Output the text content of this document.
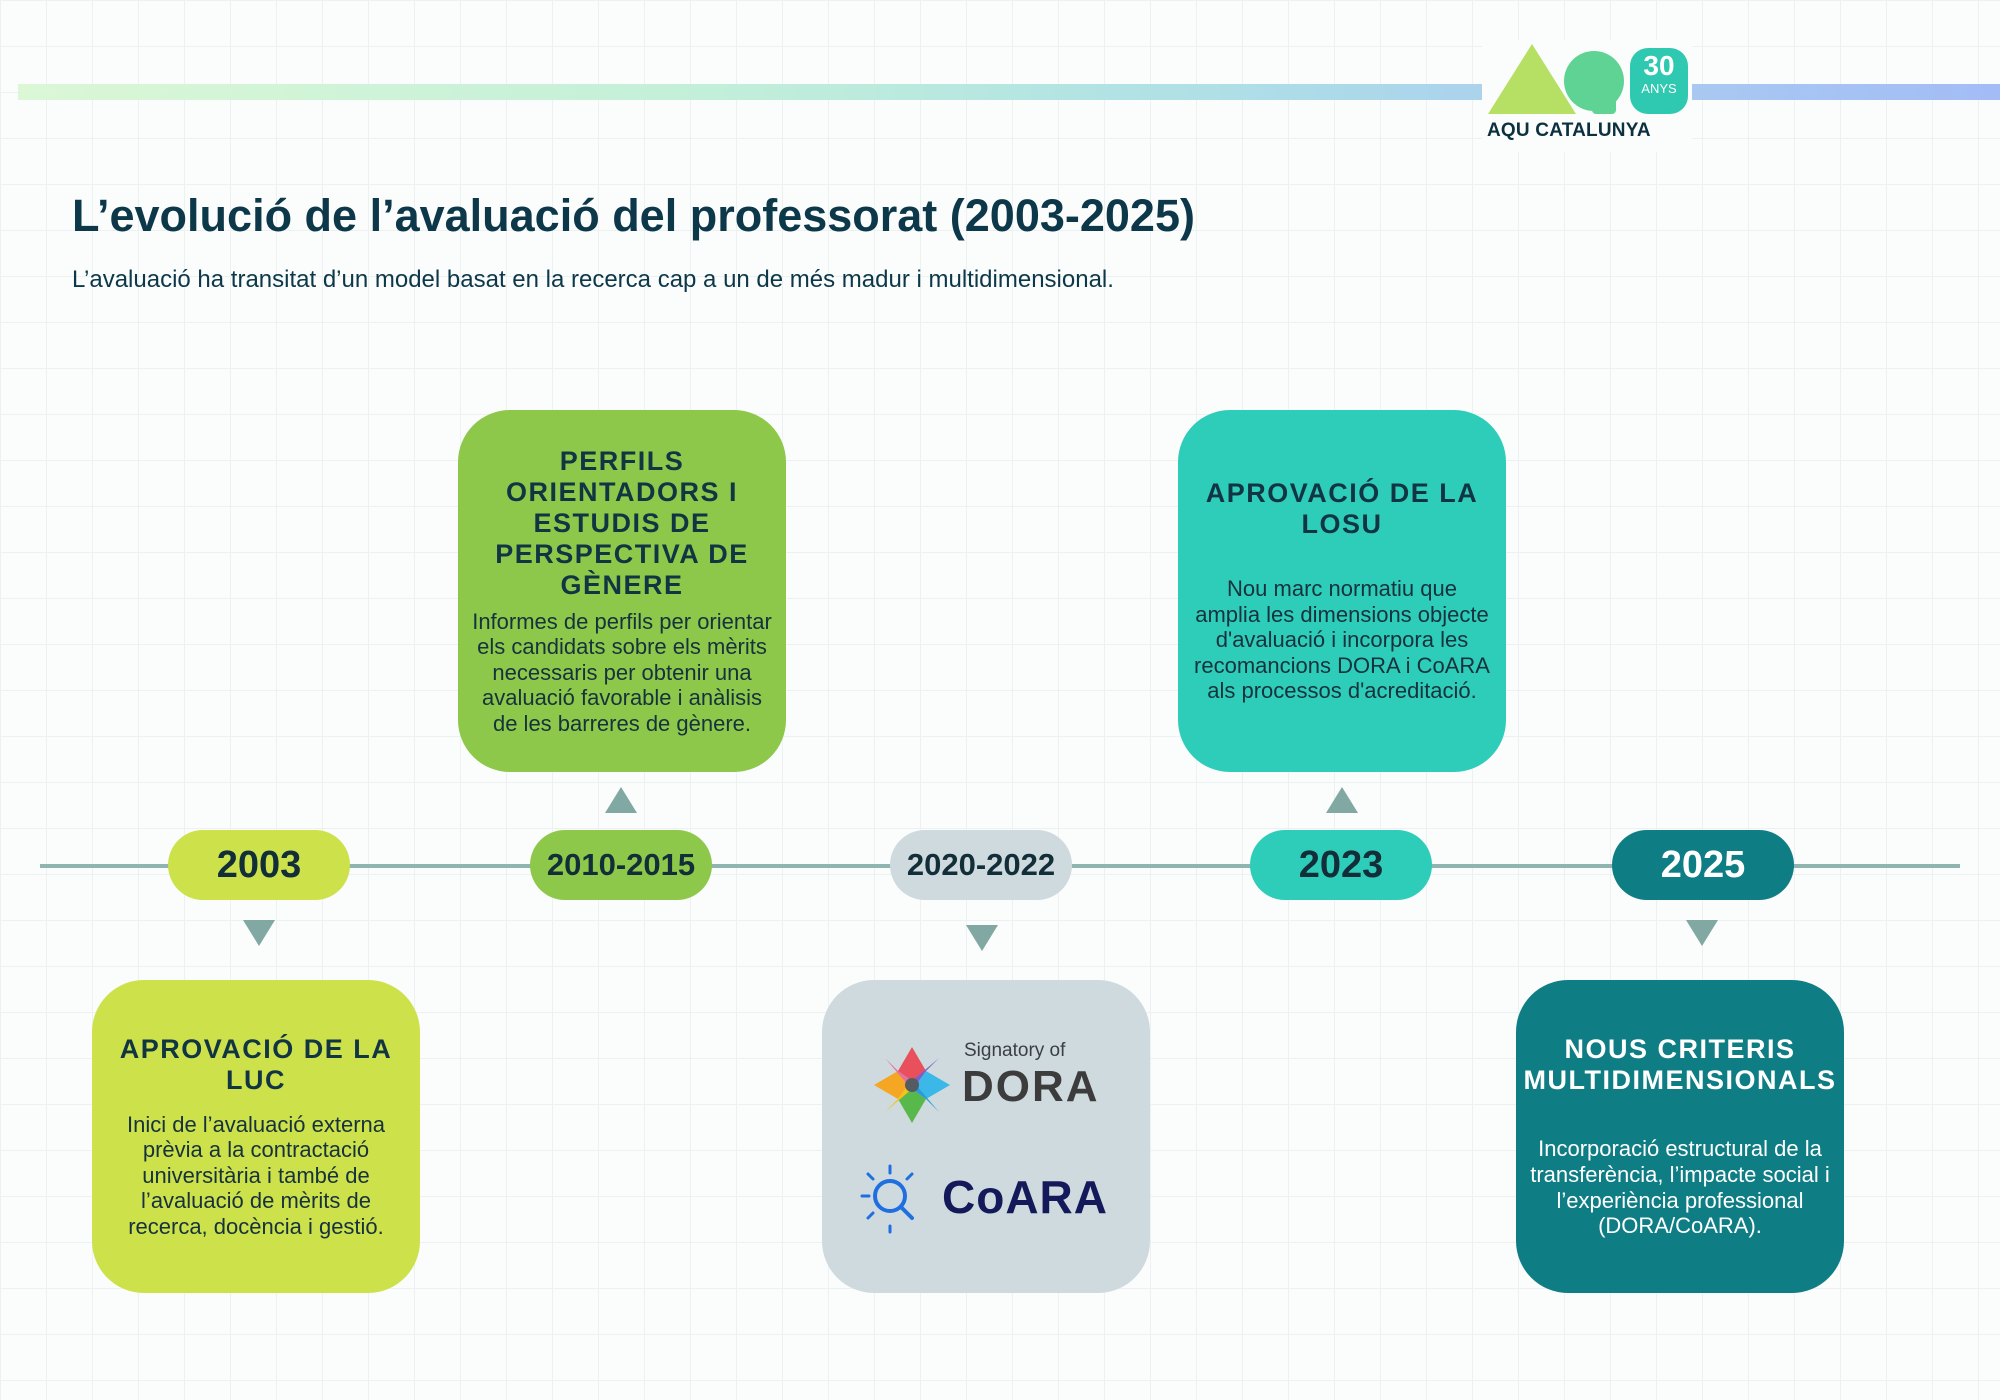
30
ANYS
AQU CATALUNYA
L’evolució de l’avaluació del professorat (2003-2025)

L’avaluació ha transitat d’un model basat en la recerca cap a un de més madur i multidimensional.

2003	2010-2015	2020-2022	2023	2025
APROVACIÓ DE LA LUC

Inici de l’avaluació externa prèvia a la contractació universitària i també de l’avaluació de mèrits de recerca, docència i gestió.

PERFILS ORIENTADORS I ESTUDIS DE PERSPECTIVA DE GÈNERE

Informes de perfils per orientar els candidats sobre els mèrits necessaris per obtenir una avaluació favorable i anàlisis de les barreres de gènere.

Signatory of
DORA
CoARA
APROVACIÓ DE LA LOSU

Nou marc normatiu que amplia les dimensions objecte d'avaluació i incorpora les recomancions DORA i CoARA als processos d'acreditació.

NOUS CRITERIS MULTIDIMENSIONALS

Incorporació estructural de la transferència, l’impacte social i l’experiència professional (DORA/CoARA).
